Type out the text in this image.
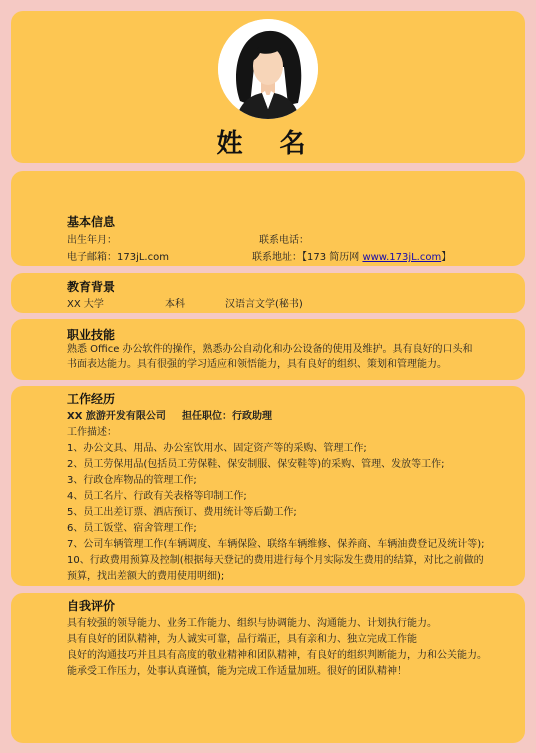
姓 名
基本信息
出生年月：	联系电话：
电子邮箱：173jL.com	联系地址：【173 简历网 www.173jL.com】
教育背景
XX 大学	本科	汉语言文学(秘书)
职业技能
熟悉 Office 办公软件的操作，熟悉办公自动化和办公设备的使用及维护。具有良好的口头和书面表达能力。具有很强的学习适应和领悟能力，具有良好的组织、策划和管理能力。
工作经历
XX 旅游开发有限公司 担任职位：行政助理
工作描述：
1、办公文具、用品、办公室饮用水、固定资产等的采购、管理工作;
2、员工劳保用品(包括员工劳保鞋、保安制服、保安鞋等)的采购、管理、发放等工作;
3、行政仓库物品的管理工作;
4、员工名片、行政有关表格等印制工作;
5、员工出差订票、酒店预订、费用统计等后勤工作;
6、员工饭堂、宿舍管理工作;
7、公司车辆管理工作(车辆调度、车辆保险、联络车辆维修、保养商、车辆油费登记及统计等);
10、行政费用预算及控制(根据每天登记的费用进行每个月实际发生费用的结算，对比之前做的
预算，找出差额大的费用使用明细);
自我评价
具有较强的领导能力、业务工作能力、组织与协调能力、沟通能力、计划执行能力。
具有良好的团队精神，为人诚实可靠，品行端正，具有亲和力、独立完成工作能
良好的沟通技巧并且具有高度的敬业精神和团队精神，有良好的组织判断能力，力和公关能力。
能承受工作压力，处事认真谨慎，能为完成工作适量加班。很好的团队精神！
